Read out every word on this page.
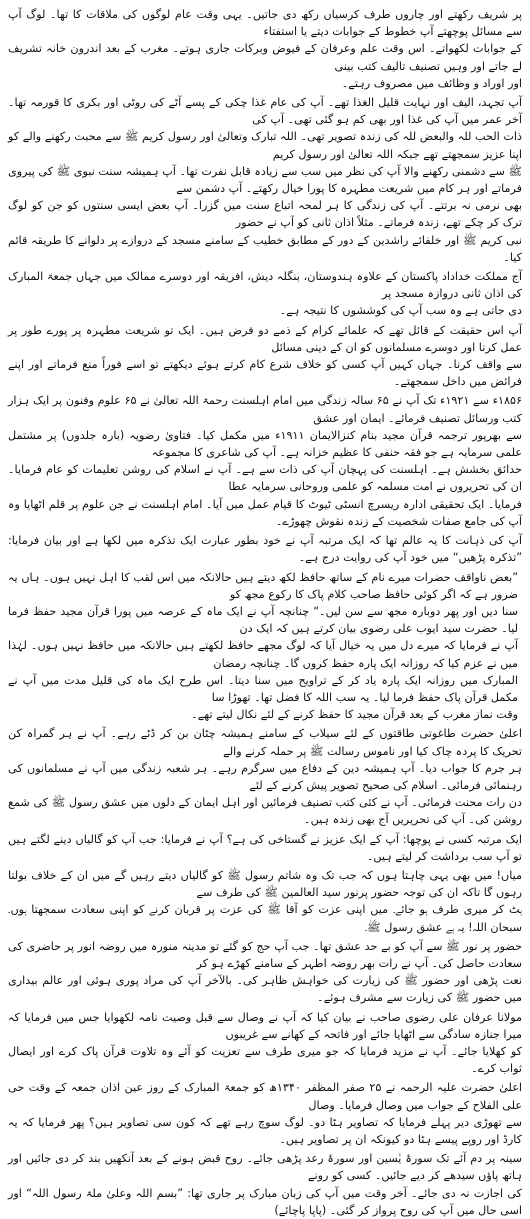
پر شریف رکھتے اور چاروں طرف کرسیاں رکھ دی جاتیں۔ یہی وقت عام لوگوں کی ملاقات کا تھا۔ لوگ آپ سے مسائل پوچھتے آپ خطوط کے جوابات دیتے یا استفتاء
کے جوابات لکھواتے۔ اس وقت علم وعرفان کے فیوض وبرکات جاری ہوتے۔ مغرب کے بعد اندرون خانہ تشریف لے جاتے اور وہیں تصنیف تالیف کتب بینی
اور اوراد و وظائف میں مصروف رہتے۔

آپ تجہد، الیف اور نہایت قلیل الغذا تھے۔ آپ کی عام غذا چکی کے پسے آٹے کی روٹی اور بکری کا قورمہ تھا۔ آخر عمر میں آپ کی غذا اور بھی کم ہو گئی تھی۔ آپ کی
ذات الحب للہ والبعض للہ کی زندہ تصویر تھی۔ اللہ تبارک وتعالیٰ اور رسول کریم ﷺ سے محبت رکھنے والے کو اپنا عزیز سمجھتے تھے جبکہ اللہ تعالیٰ اور رسول کریم
ﷺ سے دشمنی رکھنے والا آپ کی نظر میں سب سے زیادہ قابل نفرت تھا۔ آپ ہمیشہ سنت نبوی ﷺ کی پیروی فرماتے اور ہر کام میں شریعت مطہرہ کا پورا خیال رکھتے۔ آپ دشمن سے
بھی نرمی نہ برتتے۔ آپ کی زندگی کا ہر لمحہ اتباع سنت میں گزرا۔ آپ بعض ایسی سنتوں کو جن کو لوگ ترک کر چکے تھے، زندہ فرماتے۔ مثلاً اذان ثانی کو آپ نے حضور
نبی کریم ﷺ اور خلفائے راشدین کے دور کے مطابق خطیب کے سامنے مسجد کے دروازے پر دلوانے کا طریقہ قائم کیا۔

آج مملکت خداداد پاکستان کے علاوہ ہندوستان، بنگلہ دیش، افریقہ اور دوسرے ممالک میں جہاں جمعۃ المبارک کی اذان ثانی دروازہ مسجد پر
دی جاتی ہے وہ سب آپ کی کوششوں کا نتیجہ ہے۔

آپ اس حقیقت کے قائل تھے کہ علمائے کرام کے ذمے دو فرض ہیں۔ ایک تو شریعت مطہرہ پر پورے طور پر عمل کرنا اور دوسرے مسلمانوں کو ان کے دینی مسائل
سے واقف کرنا۔ جہاں کہیں آپ کسی کو خلاف شرع کام کرتے ہوئے دیکھتے تو اسے فوراً منع فرماتے اور اپنے فرائض میں داخل سمجھتے۔

۱۸۵۶ء سے ۱۹۲۱ء تک آپ نے ۶۵ سالہ زندگی میں امام اہلسنت رحمۃ اللہ تعالیٰ نے ۶۵ علوم وفنون پر ایک ہزار کتب ورسائل تصنیف فرمائے۔ ایمان اور عشق
سے بھرپور ترجمہ قرآن مجید بنام کنزالایمان ۱۹۱۱ء میں مکمل کیا۔ فتاویٰ رضویہ (بارہ جلدوں) پر مشتمل علمی سرمایہ ہے جو فقہ حنفی کا عظیم خزانہ ہے۔ آپ کی شاعری کا مجموعہ
حدائق بخشش ہے۔ اہلسنت کی پہچان آپ کی ذات سے ہے۔ آپ نے اسلام کی روشن تعلیمات کو عام فرمایا۔ ان کی تحریروں نے امت مسلمہ کو علمی وروحانی سرمایہ عطا
فرمایا۔ ایک تحقیقی ادارہ ریسرچ انسٹی ٹیوٹ کا قیام عمل میں آیا۔ امام اہلسنت نے جن علوم پر قلم اٹھایا وہ آپ کی جامع صفات شخصیت کے زندہ نقوش چھوڑے۔

آپ کی ذہانت کا یہ عالم تھا کہ ایک مرتبہ آپ نے خود بطور عبارت ایک تذکرہ میں لکھا ہے اور بیان فرمایا: ”تذکرہ پڑھیں“ میں خود آپ کی روایت درج ہے۔

”بعض ناواقف حضرات میرے نام کے ساتھ حافظ لکھ دیتے ہیں حالانکہ میں اس لقب کا اہل نہیں ہوں۔ ہاں یہ ضرور ہے کہ اگر کوئی حافظ صاحب کلام پاک کا رکوع مجھ کو
سنا دیں اور پھر دوبارہ مجھ سے سن لیں۔“ چنانچہ آپ نے ایک ماہ کے عرصہ میں پورا قرآن مجید حفظ فرما لیا۔ حضرت سید ایوب علی رضوی بیان کرتے ہیں کہ ایک دن
آپ نے فرمایا کہ میرے دل میں یہ خیال آیا کہ لوگ مجھے حافظ لکھتے ہیں حالانکہ میں حافظ نہیں ہوں۔ لہٰذا میں نے عزم کیا کہ روزانہ ایک پارہ حفظ کروں گا۔ چنانچہ رمضان
المبارک میں روزانہ ایک پارہ یاد کر کے تراویح میں سنا دیتا۔ اس طرح ایک ماہ کی قلیل مدت میں آپ نے مکمل قرآن پاک حفظ فرما لیا۔ یہ سب اللہ کا فضل تھا۔ تھوڑا سا
وقت نماز مغرب کے بعد قرآن مجید کا حفظ کرنے کے لئے نکال لیتے تھے۔

اعلیٰ حضرت طاغوتی طاقتوں کے لئے سیلاب کے سامنے ہمیشہ چٹان بن کر ڈٹے رہے۔ آپ نے ہر گمراہ کن تحریک کا پردہ چاک کیا اور ناموس رسالت ﷺ پر حملہ کرنے والے
ہر جرم کا جواب دیا۔ آپ ہمیشہ دین کے دفاع میں سرگرم رہے۔ ہر شعبہ زندگی میں آپ نے مسلمانوں کی رہنمائی فرمائی۔ اسلام کی صحیح تصویر پیش کرنے کے لئے
دن رات محنت فرمائی۔ آپ نے کئی کتب تصنیف فرمائیں اور اہل ایمان کے دلوں میں عشق رسول ﷺ کی شمع روشن کی۔ آپ کی تحریریں آج بھی زندہ ہیں۔

ایک مرتبہ کسی نے پوچھا: آپ کے ایک عزیز نے گستاخی کی ہے؟ آپ نے فرمایا: جب آپ کو گالیاں دینے لگتے ہیں تو آپ سب برداشت کر لیتے ہیں۔

میاں! میں بھی یہی چاہتا ہوں کہ جب تک وہ شاتم رسول ﷺ کو گالیاں دیتے رہیں گے میں ان کے خلاف بولتا رہوں گا تاکہ ان کی توجہ حضور پرنور سید العالمین ﷺ کی طرف سے
ہٹ کر میری طرف ہو جائے۔ میں اپنی عزت کو آقا ﷺ کی عزت پر قربان کرنے کو اپنی سعادت سمجھتا ہوں۔ سبحان اللہ! یہ ہے عشق رسول ﷺ۔

حضور پر نور ﷺ سے آپ کو بے حد عشق تھا۔ جب آپ حج کو گئے تو مدینہ منورہ میں روضہ انور پر حاضری کی سعادت حاصل کی۔ آپ نے رات بھر روضہ اطہر کے سامنے کھڑے ہو کر
نعت پڑھی اور حضور ﷺ کی زیارت کی خواہش ظاہر کی۔ بالآخر آپ کی مراد پوری ہوئی اور عالم بیداری میں حضور ﷺ کی زیارت سے مشرف ہوئے۔

مولانا عرفان علی رضوی صاحب نے بیان کیا کہ آپ نے وصال سے قبل وصیت نامہ لکھوایا جس میں فرمایا کہ میرا جنازہ سادگی سے اٹھایا جائے اور فاتحہ کے کھانے سے غریبوں
کو کھلایا جائے۔ آپ نے مزید فرمایا کہ جو میری طرف سے تعزیت کو آئے وہ تلاوت قرآن پاک کرے اور ایصال ثواب کرے۔

اعلیٰ حضرت علیہ الرحمہ نے ۲۵ صفر المظفر ۱۳۴۰ھ کو جمعۃ المبارک کے روز عین اذان جمعہ کے وقت حی علی الفلاح کے جواب میں وصال فرمایا۔ وصال
سے تھوڑی دیر پہلے فرمایا کہ تصاویر ہٹا دو۔ لوگ سوچ رہے تھے کہ کون سی تصاویر ہیں؟ پھر فرمایا کہ یہ کارڈ اور روپے پیسے ہٹا دو کیونکہ ان پر تصاویر ہیں۔

سینہ پر دم آئے تک سورۂ یٰسین اور سورۂ رعد پڑھی جائے۔ روح قبض ہونے کے بعد آنکھیں بند کر دی جائیں اور ہاتھ پاؤں سیدھے کر دیے جائیں۔ کسی کو رونے
کی اجازت نہ دی جائے۔ آخر وقت میں آپ کی زبان مبارک پر جاری تھا: ”بسم اللہ وعلیٰ ملۃ رسول اللہ“ اور اسی حال میں آپ کی روح پرواز کر گئی۔ (پاپا پاچائے)
